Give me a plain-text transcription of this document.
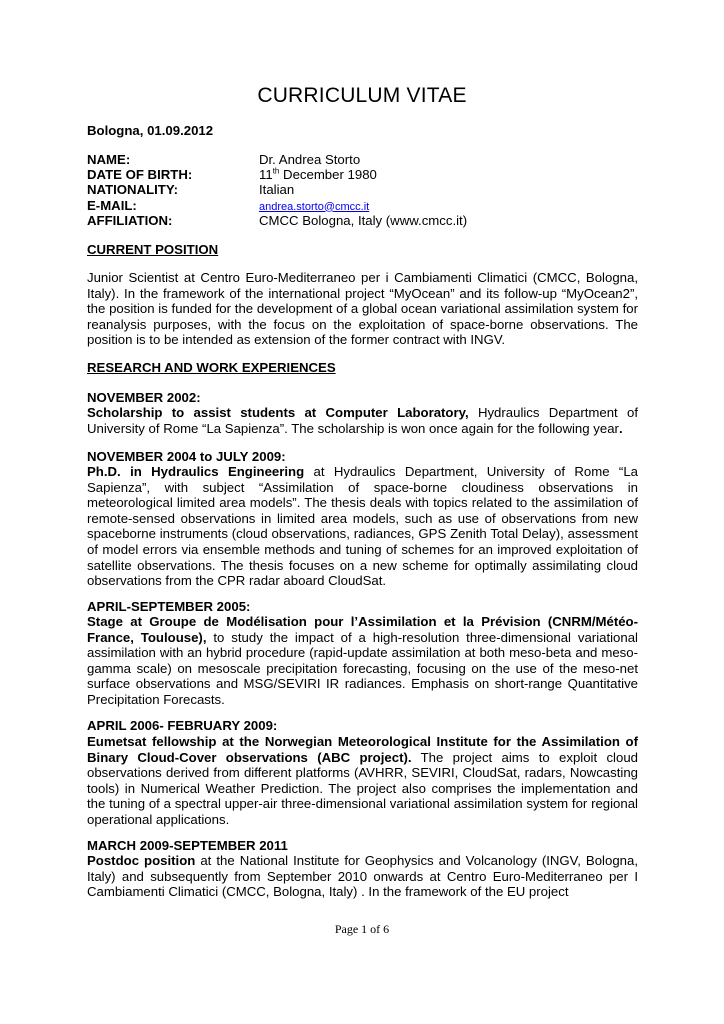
CURRICULUM VITAE
Bologna, 01.09.2012
NAME:	Dr. Andrea Storto
DATE OF BIRTH:	11th December 1980
NATIONALITY:	Italian
E-MAIL:	andrea.storto@cmcc.it
AFFILIATION:	CMCC Bologna, Italy (www.cmcc.it)
CURRENT POSITION
Junior Scientist at Centro Euro-Mediterraneo per i Cambiamenti Climatici (CMCC, Bologna, Italy). In the framework of the international project “MyOcean” and its follow-up “MyOcean2”, the position is funded for the development of a global ocean variational assimilation system for reanalysis purposes, with the focus on the exploitation of space-borne observations. The position is to be intended as extension of the former contract with INGV.
RESEARCH AND WORK EXPERIENCES
NOVEMBER 2002:
Scholarship to assist students at Computer Laboratory, Hydraulics Department of University of Rome “La Sapienza”. The scholarship is won once again for the following year.
NOVEMBER 2004 to JULY 2009:
Ph.D. in Hydraulics Engineering at Hydraulics Department, University of Rome “La Sapienza”, with subject “Assimilation of space-borne cloudiness observations in meteorological limited area models”. The thesis deals with topics related to the assimilation of remote-sensed observations in limited area models, such as use of observations from new spaceborne instruments (cloud observations, radiances, GPS Zenith Total Delay), assessment of model errors via ensemble methods and tuning of schemes for an improved exploitation of satellite observations. The thesis focuses on a new scheme for optimally assimilating cloud observations from the CPR radar aboard CloudSat.
APRIL-SEPTEMBER 2005:
Stage at Groupe de Modélisation pour l’Assimilation et la Prévision (CNRM/Météo-France, Toulouse), to study the impact of a high-resolution three-dimensional variational assimilation with an hybrid procedure (rapid-update assimilation at both meso-beta and meso-gamma scale) on mesoscale precipitation forecasting, focusing on the use of the meso-net surface observations and MSG/SEVIRI IR radiances. Emphasis on short-range Quantitative Precipitation Forecasts.
APRIL 2006- FEBRUARY 2009:
Eumetsat fellowship at the Norwegian Meteorological Institute for the Assimilation of Binary Cloud-Cover observations (ABC project). The project aims to exploit cloud observations derived from different platforms (AVHRR, SEVIRI, CloudSat, radars, Nowcasting tools) in Numerical Weather Prediction. The project also comprises the implementation and the tuning of a spectral upper-air three-dimensional variational assimilation system for regional operational applications.
MARCH 2009-SEPTEMBER 2011
Postdoc position at the National Institute for Geophysics and Volcanology (INGV, Bologna, Italy) and subsequently from September 2010 onwards at Centro Euro-Mediterraneo per I Cambiamenti Climatici (CMCC, Bologna, Italy) . In the framework of the EU project
Page 1 of 6
